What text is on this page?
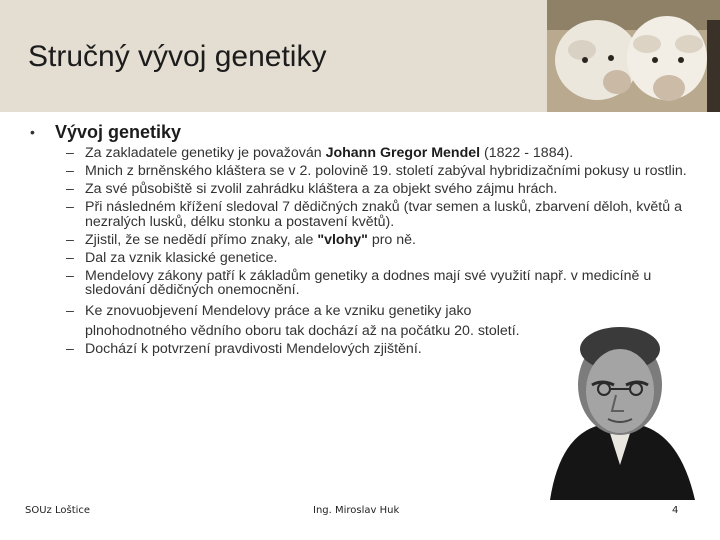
Stručný vývoj genetiky
• Vývoj genetiky
– Za zakladatele genetiky je považován Johann Gregor Mendel (1822 - 1884).
– Mnich z brněnského kláštera se v 2. polovině 19. století zabýval hybridizačními pokusy u rostlin.
– Za své působiště si zvolil zahrádku kláštera a za objekt svého zájmu hrách.
– Při následném křížení sledoval 7 dědičných znaků (tvar semen a lusků, zbarvení děloh, květů a nezralých lusků, délku stonku a postavení květů).
– Zjistil, že se nedědí přímo znaky, ale "vlohy" pro ně.
– Dal za vznik klasické genetice.
– Mendelovy zákony patří k základům genetiky a dodnes mají své využití např. v medicíně u sledování dědičných onemocnění.
– Ke znovuobjevení Mendelovy práce a ke vzniku genetiky jako plnohodnotného vědního oboru tak dochází až na počátku 20. století.
– Dochází k potvrzení pravdivosti Mendelových zjištění.
SOUz Loštice	Ing. Miroslav Huk	4
